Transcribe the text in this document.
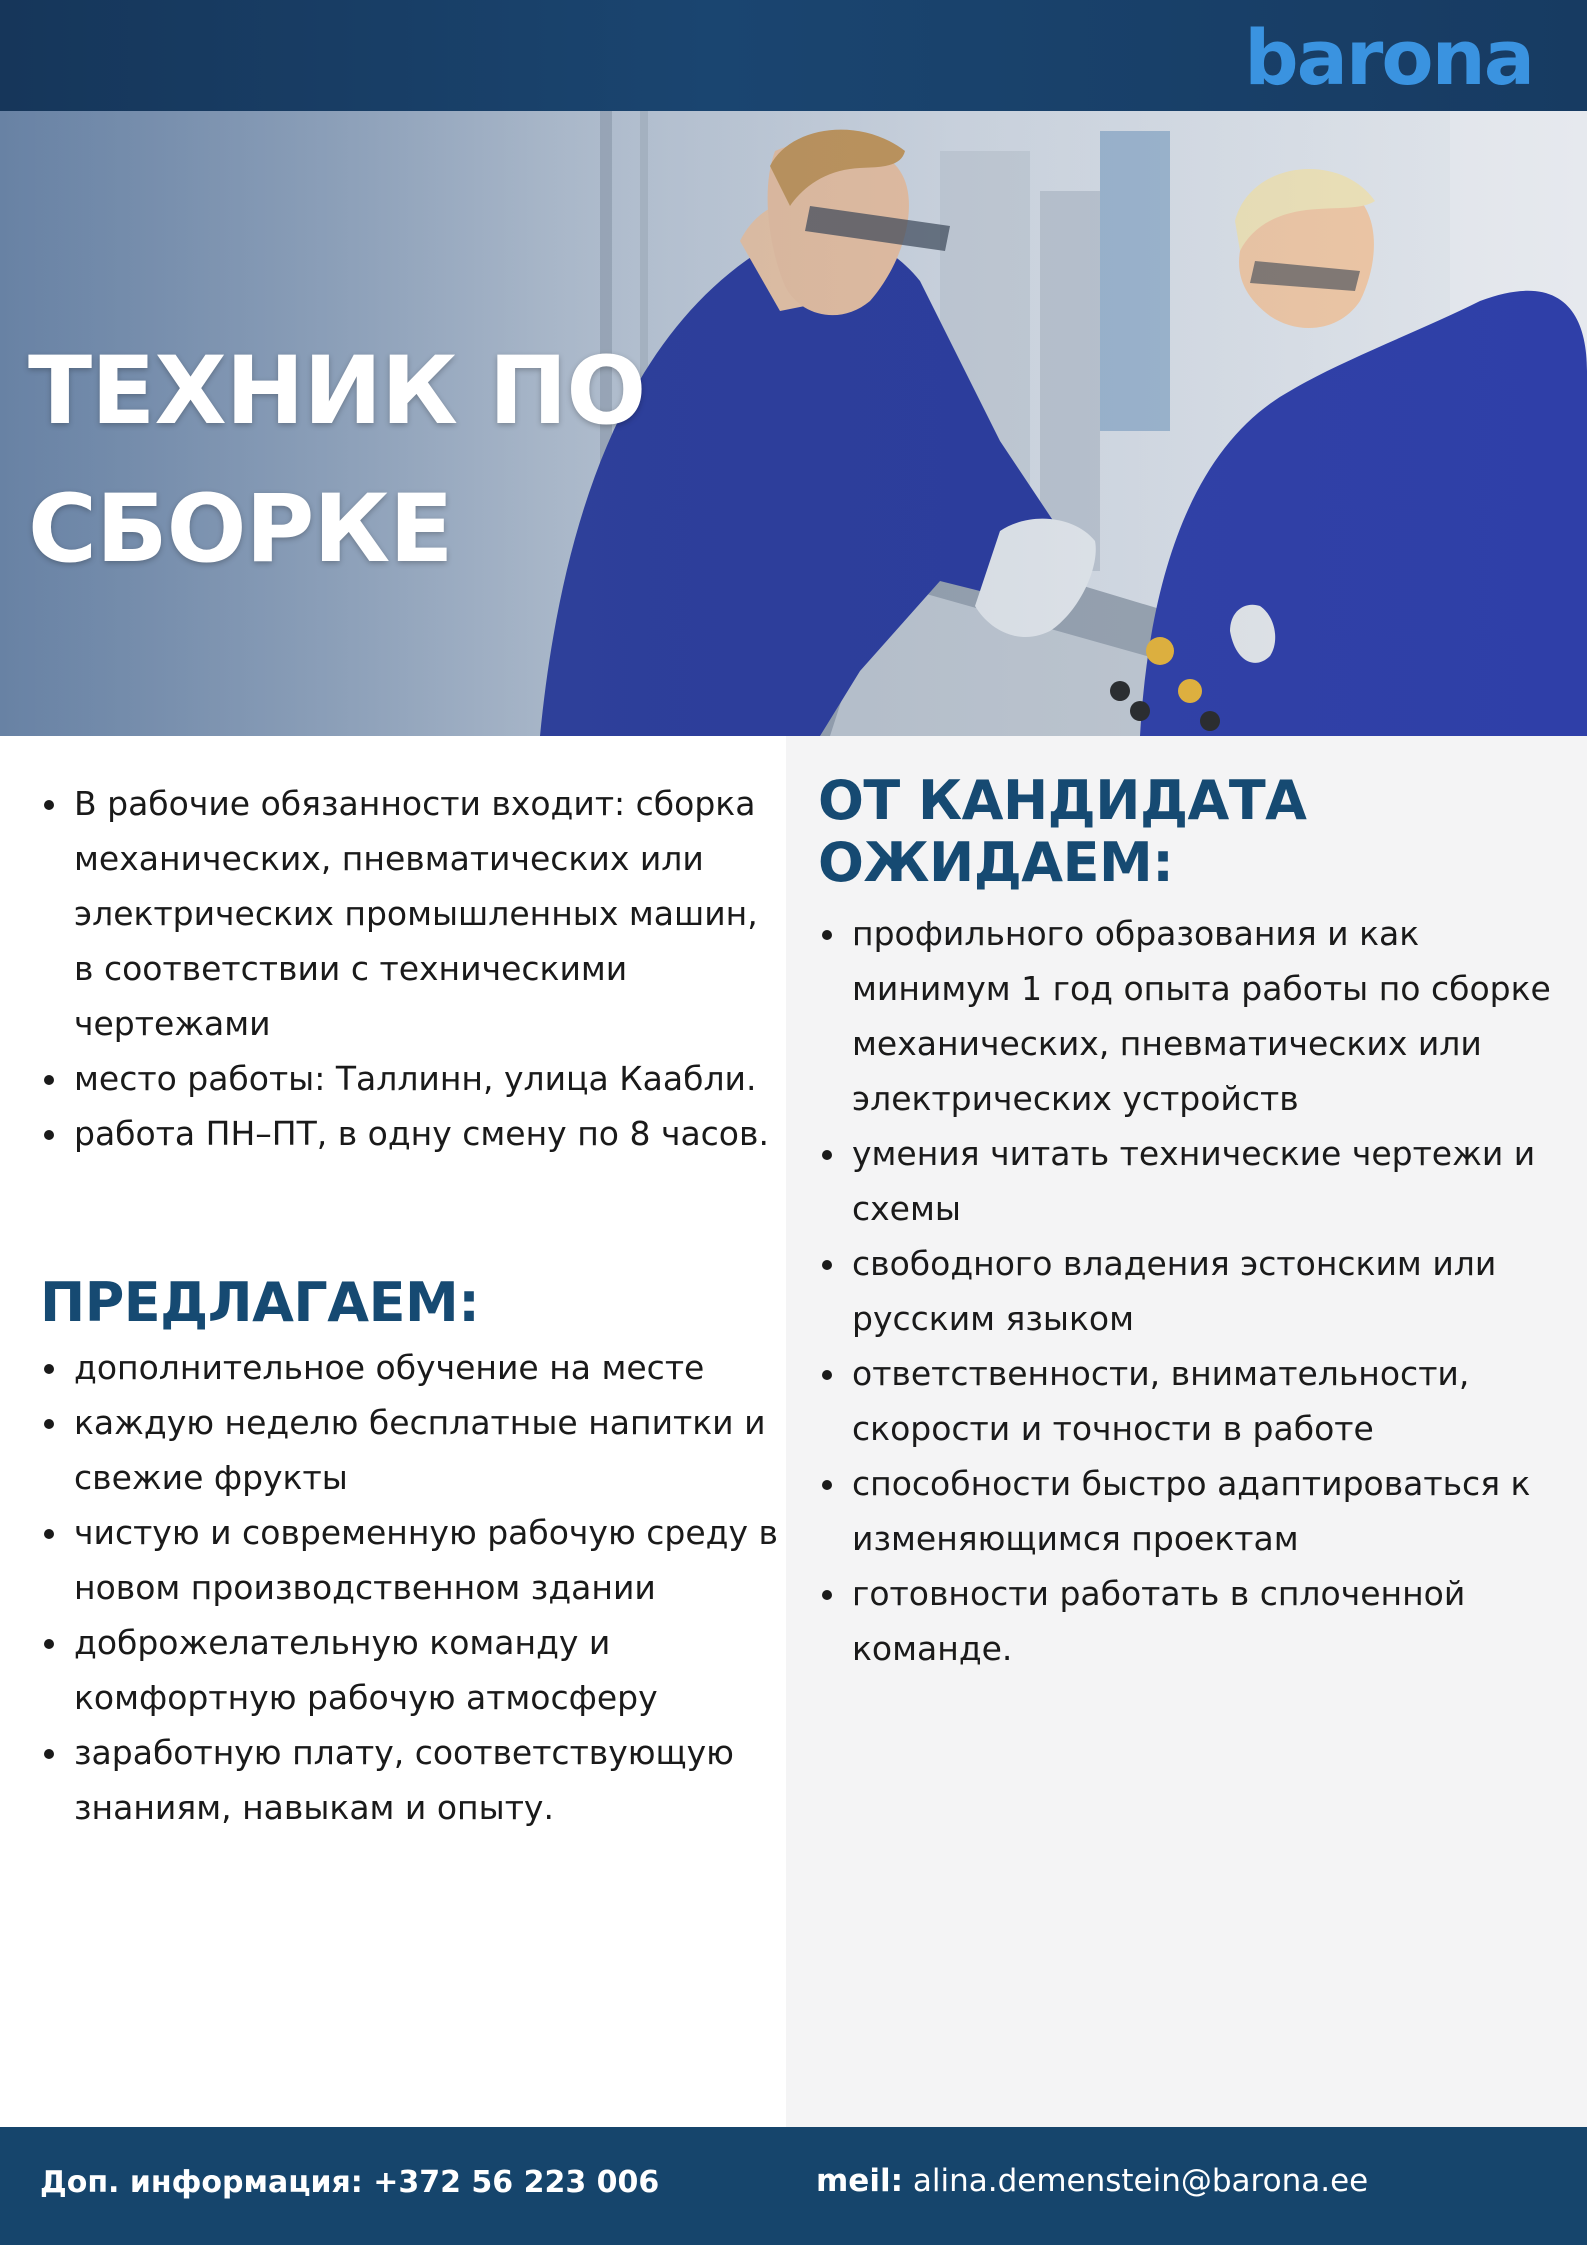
barona
ТЕХНИК ПО
СБОРКЕ
В рабочие обязанности входит: сборка механических, пневматических или электрических промышленных машин, в соответствии с техническими чертежами
место работы: Таллинн, улица Каабли.
работа ПН–ПТ, в одну смену по 8 часов.
ПРЕДЛАГАЕМ:
дополнительное обучение на месте
каждую неделю бесплатные напитки и свежие фрукты
чистую и современную рабочую среду в новом производственном здании
доброжелательную команду и комфортную рабочую атмосферу
заработную плату, соответствующую знаниям, навыкам и опыту.
ОТ КАНДИДАТА
ОЖИДАЕМ:
профильного образования и как минимум 1 год опыта работы по сборке механических, пневматических или электрических устройств
умения читать технические чертежи и схемы
свободного владения эстонским или русским языком
ответственности, внимательности, скорости и точности в работе
способности быстро адаптироваться к изменяющимся проектам
готовности работать в сплоченной команде.
Доп. информация: +372 56 223 006	meil: alina.demenstein@barona.ee
